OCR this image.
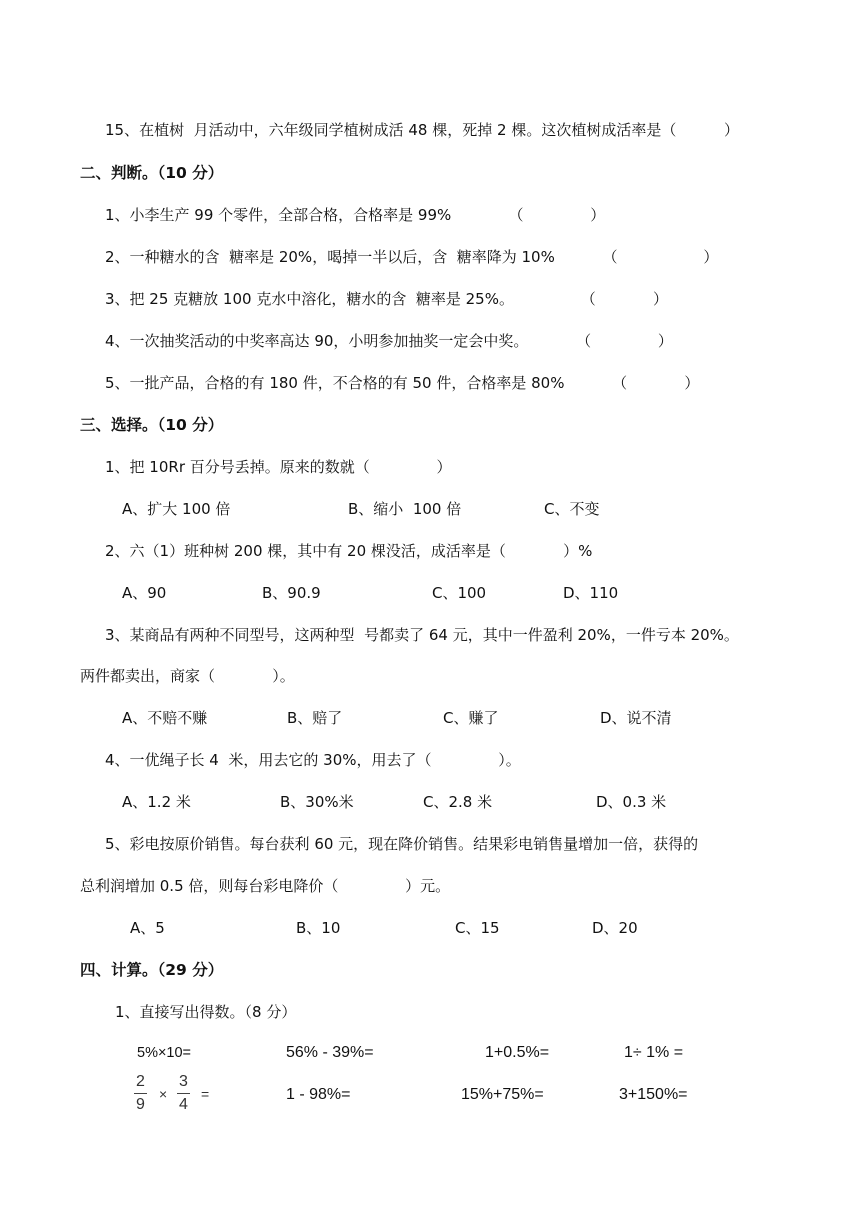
15、在植树  月活动中，六年级同学植树成活 48 棵，死掉 2 棵。这次植树成活率是（          ）
二、判断。（10 分）
1、小李生产 99 个零件，全部合格，合格率是 99%            （              ）
2、一种糖水的含  糖率是 20%，喝掉一半以后，含  糖率降为 10%          （                  ）
3、把 25 克糖放 100 克水中溶化，糖水的含  糖率是 25%。              （            ）
4、一次抽奖活动的中奖率高达 90，小明参加抽奖一定会中奖。          （              ）
5、一批产品，合格的有 180 件，不合格的有 50 件，合格率是 80%          （            ）
三、选择。（10 分）
1、把 10Rr 百分号丢掉。原来的数就（              ）
A、扩大 100 倍	B、缩小  100 倍	C、不变
2、六（1）班种树 200 棵，其中有 20 棵没活，成活率是（            ）%
A、90	B、90.9	C、100	D、110
3、某商品有两种不同型号，这两种型  号都卖了 64 元，其中一件盈利 20%，一件亏本 20%。
两件都卖出，商家（            ）。
A、不赔不赚	B、赔了	C、赚了	D、说不清
4、一优绳子长 4  米，用去它的 30%，用去了（              ）。
A、1.2 米	B、30%米	C、2.8 米	D、0.3 米
5、彩电按原价销售。每台获利 60 元，现在降价销售。结果彩电销售量增加一倍，获得的
总利润增加 0.5 倍，则每台彩电降价（              ）元。
A、5	B、10	C、15	D、20
四、计算。（29 分）
1、直接写出得数。（8 分）
5%×10=	56% - 39%=	1+0.5%=	1÷ 1% =
2
9
×
3
4
=	1 - 98%=	15%+75%=	3+150%=
